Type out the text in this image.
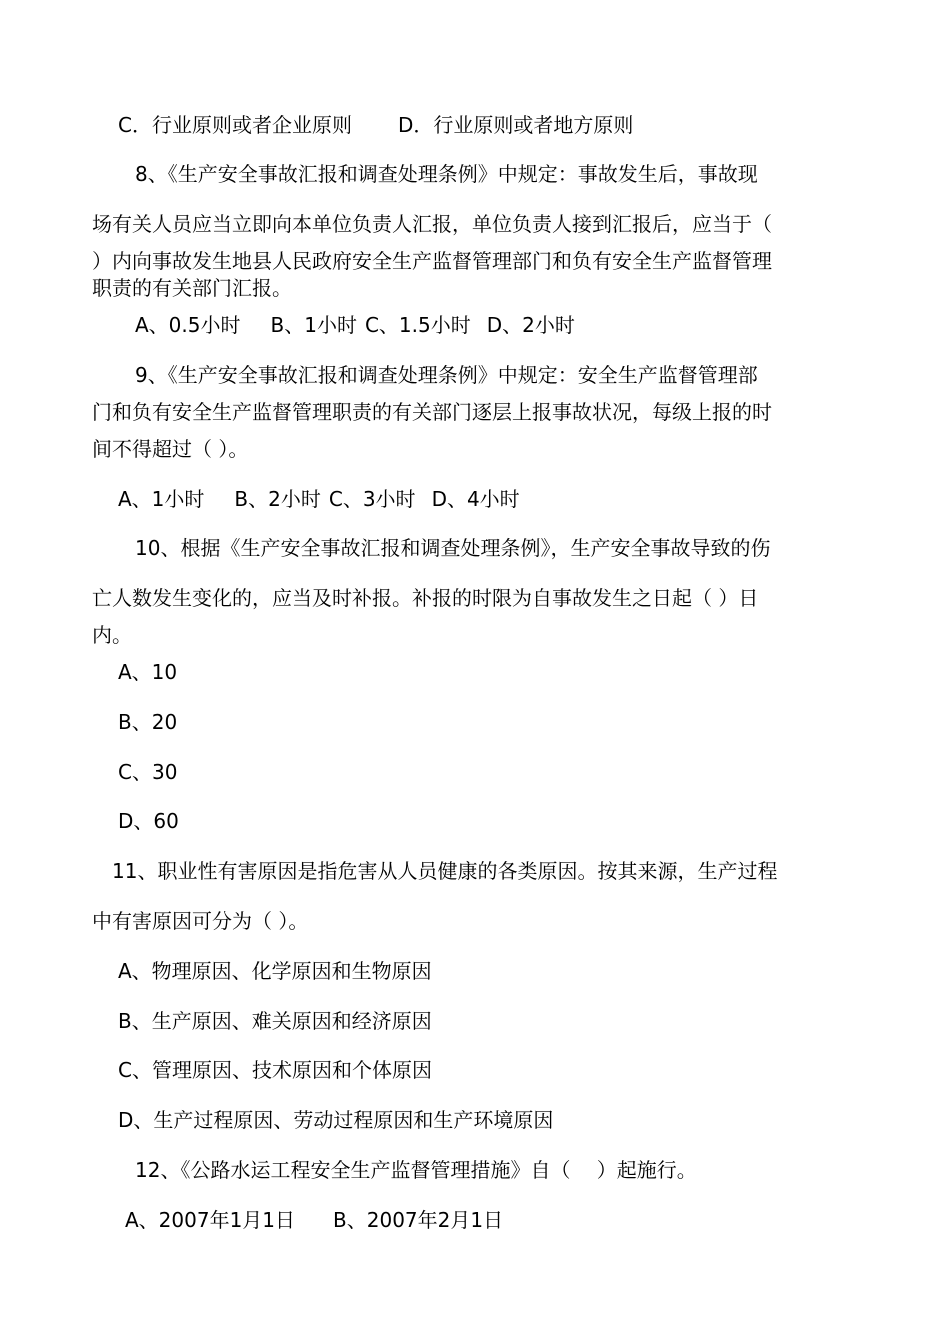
C．行业原则或者企业原则 D．行业原则或者地方原则
8、《生产安全事故汇报和调查处理条例》中规定：事故发生后，事故现
场有关人员应当立即向本单位负责人汇报，单位负责人接到汇报后，应当于（
）内向事故发生地县人民政府安全生产监督管理部门和负有安全生产监督管理
职责的有关部门汇报。
A、0.5小时 B、1小时 C、1.5小时 D、2小时
9、《生产安全事故汇报和调查处理条例》中规定：安全生产监督管理部
门和负有安全生产监督管理职责的有关部门逐层上报事故状况，每级上报的时
间不得超过（ ）。
A、1小时 B、2小时 C、3小时 D、4小时
10、根据《生产安全事故汇报和调查处理条例》，生产安全事故导致的伤
亡人数发生变化的，应当及时补报。补报的时限为自事故发生之日起（ ）日
内。
A、10
B、20
C、30
D、60
11、职业性有害原因是指危害从人员健康的各类原因。按其来源，生产过程
中有害原因可分为（ ）。
A、物理原因、化学原因和生物原因
B、生产原因、难关原因和经济原因
C、管理原因、技术原因和个体原因
D、生产过程原因、劳动过程原因和生产环境原因
12、《公路水运工程安全生产监督管理措施》自（　 ）起施行。
A、2007年1月1日 B、2007年2月1日
